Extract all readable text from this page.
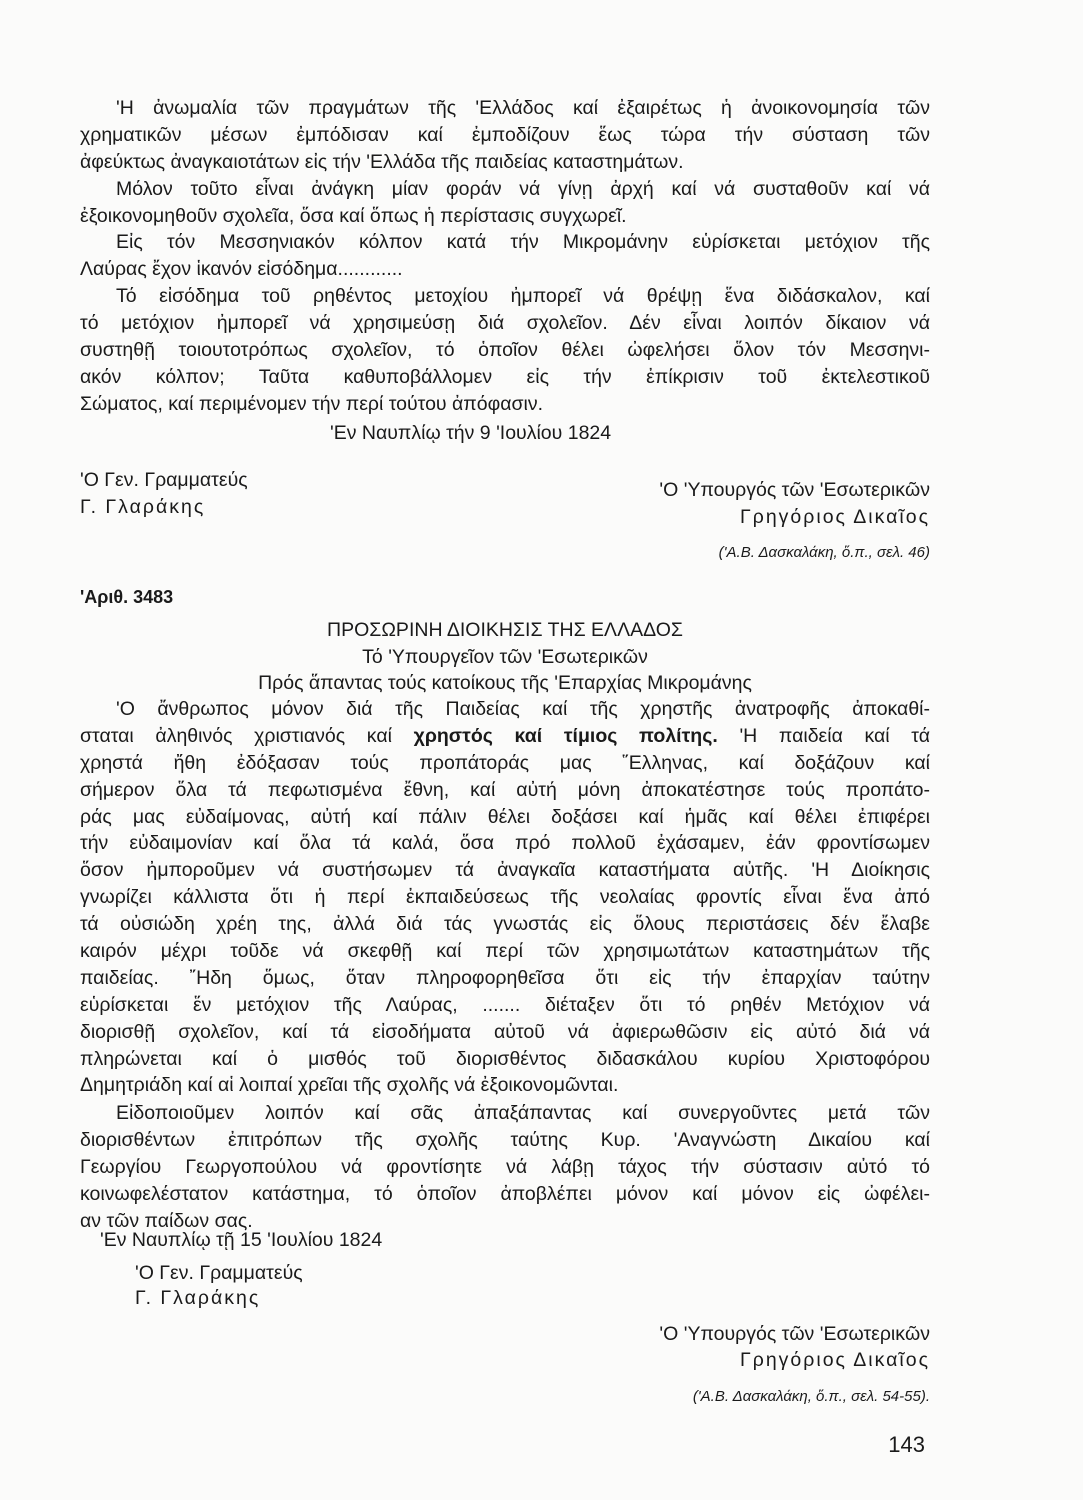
'Η ἀνωμαλία τῶν πραγμάτων τῆς 'Ελλάδος καί ἐξαιρέτως ἡ ἀνοικονομησία τῶν
χρηματικῶν μέσων ἐμπόδισαν καί ἐμποδίζουν ἕως τώρα τήν σύσταση τῶν
ἀφεύκτως ἀναγκαιοτάτων εἰς τήν 'Ελλάδα τῆς παιδείας καταστημάτων.
Μόλον τοῦτο εἶναι ἀνάγκη μίαν φοράν νά γίνῃ ἀρχή καί νά συσταθοῦν καί νά
ἐξοικονομηθοῦν σχολεῖα, ὅσα καί ὅπως ἡ περίστασις συγχωρεῖ.
Εἰς τόν Μεσσηνιακόν κόλπον κατά τήν Μικρομάνην εὑρίσκεται μετόχιον τῆς
Λαύρας ἔχον ἱκανόν εἰσόδημα............
Τό εἰσόδημα τοῦ ρηθέντος μετοχίου ἠμπορεῖ νά θρέψῃ ἕνα διδάσκαλον, καί
τό μετόχιον ἠμπορεῖ νά χρησιμεύσῃ διά σχολεῖον. Δέν εἶναι λοιπόν δίκαιον νά
συστηθῇ τοιουτοτρόπως σχολεῖον, τό ὁποῖον θέλει ὠφελήσει ὅλον τόν Μεσσηνι-
ακόν κόλπον; Ταῦτα καθυποβάλλομεν εἰς τήν ἐπίκρισιν τοῦ ἐκτελεστικοῦ
Σώματος, καί περιμένομεν τήν περί τούτου ἀπόφασιν.
'Εν Ναυπλίῳ τήν 9 'Ιουλίου 1824
'Ο Γεν. Γραμματεύς
Γ. Γλαράκης
'Ο 'Υπουργός τῶν 'Εσωτερικῶν
Γρηγόριος Δικαῖος
('Α.Β. Δασκαλάκη, ὅ.π., σελ. 46)
'Αριθ. 3483
ΠΡΟΣΩΡΙΝΗ ΔΙΟΙΚΗΣΙΣ ΤΗΣ ΕΛΛΑΔΟΣ
Τό 'Υπουργεῖον τῶν 'Εσωτερικῶν
Πρός ἅπαντας τούς κατοίκους τῆς 'Επαρχίας Μικρομάνης
'Ο ἄνθρωπος μόνον διά τῆς Παιδείας καί τῆς χρηστῆς ἀνατροφῆς ἀποκαθί-
σταται ἀληθινός χριστιανός καί χρηστός καί τίμιος πολίτης. 'Η παιδεία καί τά
χρηστά ἤθη ἐδόξασαν τούς προπάτοράς μας ῞Ελληνας, καί δοξάζουν καί
σήμερον ὅλα τά πεφωτισμένα ἔθνη, καί αὐτή μόνη ἀποκατέστησε τούς προπάτο-
ράς μας εὐδαίμονας, αὐτή καί πάλιν θέλει δοξάσει καί ἡμᾶς καί θέλει ἐπιφέρει
τήν εὐδαιμονίαν καί ὅλα τά καλά, ὅσα πρό πολλοῦ ἐχάσαμεν, ἐάν φροντίσωμεν
ὅσον ἠμποροῦμεν νά συστήσωμεν τά ἀναγκαῖα καταστήματα αὐτῆς. 'Η Διοίκησις
γνωρίζει κάλλιστα ὅτι ἡ περί ἐκπαιδεύσεως τῆς νεολαίας φροντίς εἶναι ἕνα ἀπό
τά οὐσιώδη χρέη της, ἀλλά διά τάς γνωστάς εἰς ὅλους περιστάσεις δέν ἔλαβε
καιρόν μέχρι τοῦδε νά σκεφθῇ καί περί τῶν χρησιμωτάτων καταστημάτων τῆς
παιδείας. ῎Ηδη ὅμως, ὅταν πληροφορηθεῖσα ὅτι εἰς τήν ἐπαρχίαν ταύτην
εὑρίσκεται ἕν μετόχιον τῆς Λαύρας, ....... διέταξεν ὅτι τό ρηθέν Μετόχιον νά
διορισθῇ σχολεῖον, καί τά εἰσοδήματα αὐτοῦ νά ἀφιερωθῶσιν εἰς αὐτό διά νά
πληρώνεται καί ὁ μισθός τοῦ διορισθέντος διδασκάλου κυρίου Χριστοφόρου
Δημητριάδη καί αἱ λοιπαί χρεῖαι τῆς σχολῆς νά ἐξοικονομῶνται.
Εἰδοποιοῦμεν λοιπόν καί σᾶς ἀπαξάπαντας καί συνεργοῦντες μετά τῶν
διορισθέντων ἐπιτρόπων τῆς σχολῆς ταύτης Κυρ. 'Αναγνώστη Δικαίου καί
Γεωργίου Γεωργοπούλου νά φροντίσητε νά λάβῃ τάχος τήν σύστασιν αὐτό τό
κοινωφελέστατον κατάστημα, τό ὁποῖον ἀποβλέπει μόνον καί μόνον εἰς ὠφέλει-
αν τῶν παίδων σας.
'Εν Ναυπλίῳ τῇ 15 'Ιουλίου 1824
'Ο Γεν. Γραμματεύς
Γ. Γλαράκης
'Ο 'Υπουργός τῶν 'Εσωτερικῶν
Γρηγόριος Δικαῖος
('Α.Β. Δασκαλάκη, ὅ.π., σελ. 54-55).
143
